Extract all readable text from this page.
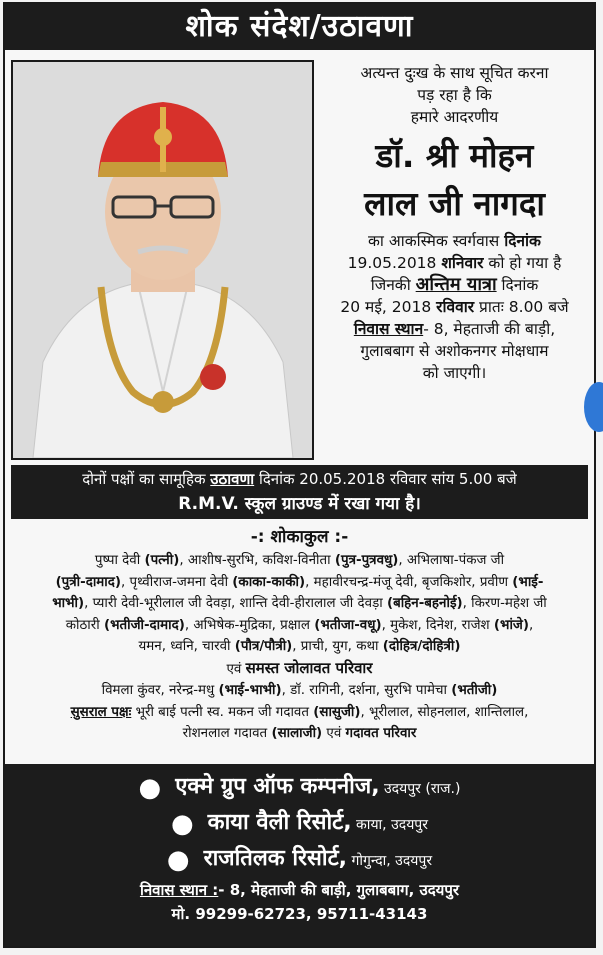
शोक संदेश/उठावणा
अत्यन्त दुःख के साथ सूचित करना
पड़ रहा है कि
हमारे आदरणीय
डॉ. श्री मोहन
लाल जी नागदा
का आकस्मिक स्वर्गवास दिनांक
19.05.2018 शनिवार को हो गया है
जिनकी अन्तिम यात्रा दिनांक
20 मई, 2018 रविवार प्रातः 8.00 बजे
निवास स्थान- 8, मेहताजी की बाड़ी,
गुलाबबाग से अशोकनगर मोक्षधाम
को जाएगी।
दोनों पक्षों का सामूहिक उठावणा दिनांक 20.05.2018 रविवार सांय 5.00 बजे
R.M.V. स्कूल ग्राउण्ड में रखा गया है।
-: शोकाकुल :-
पुष्पा देवी (पत्नी), आशीष-सुरभि, कविश-विनीता (पुत्र-पुत्रवधु), अभिलाषा-पंकज जी
(पुत्री-दामाद), पृथ्वीराज-जमना देवी (काका-काकी), महावीरचन्द्र-मंजू देवी, बृजकिशोर, प्रवीण (भाई-
भाभी), प्यारी देवी-भूरीलाल जी देवड़ा, शान्ति देवी-हीरालाल जी देवड़ा (बहिन-बहनोई), किरण-महेश जी
कोठारी (भतीजी-दामाद), अभिषेक-मुद्रिका, प्रक्षाल (भतीजा-वधू), मुकेश, दिनेश, राजेश (भांजे),
यमन, ध्वनि, चारवी (पौत्र/पौत्री), प्राची, युग, कथा (दोहित्र/दोहित्री)
एवं समस्त जोलावत परिवार
विमला कुंवर, नरेन्द्र-मधु (भाई-भाभी), डॉ. रागिनी, दर्शना, सुरभि पामेचा (भतीजी)
सुसराल पक्षः भूरी बाई पत्नी स्व. मकन जी गदावत (सासुजी), भूरीलाल, सोहनलाल, शान्तिलाल,
रोशनलाल गदावत (सालाजी) एवं गदावत परिवार
● एक्मे ग्रुप ऑफ कम्पनीज, उदयपुर (राज.)
● काया वैली रिसोर्ट, काया, उदयपुर
● राजतिलक रिसोर्ट, गोगुन्दा, उदयपुर
निवास स्थान :- 8, मेहताजी की बाड़ी, गुलाबबाग, उदयपुर
मो. 99299-62723, 95711-43143
